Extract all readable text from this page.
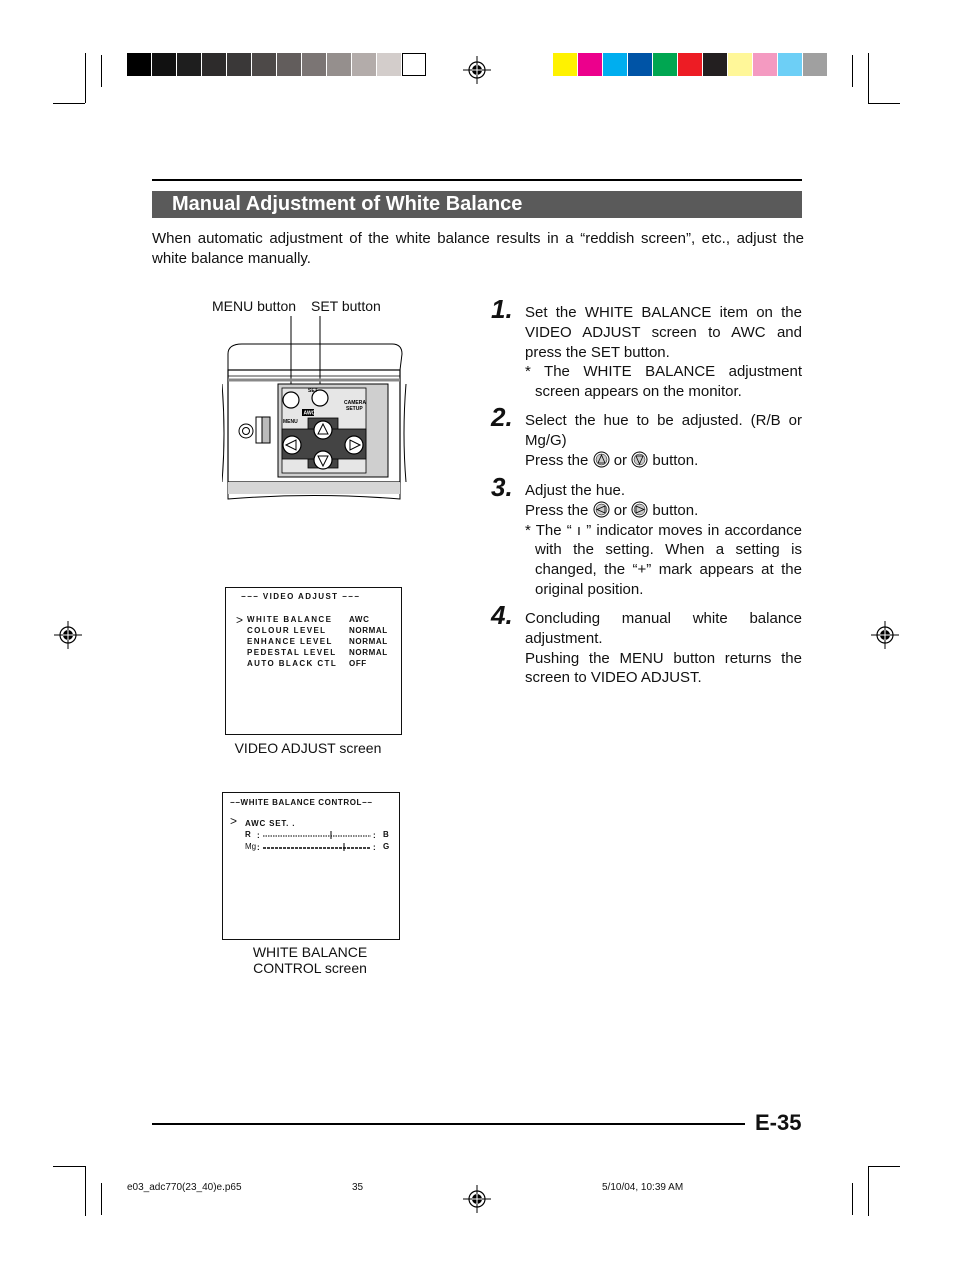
Manual Adjustment of White Balance
When automatic adjustment of the white balance results in a “reddish screen”, etc., adjust the white balance manually.
MENU button SET button
SET
AWC
MENU
CAMERA
SETUP
−−− VIDEO ADJUST −−−
> WHITE BALANCE AWC
COLOUR LEVEL	NORMAL
ENHANCE LEVEL NORMAL
PEDESTAL LEVEL NORMAL
AUTO BLACK CTL OFF
VIDEO ADJUST screen
−−WHITE BALANCE CONTROL−−
> AWC SET. .
R	B
Mg	G
:	:
:	:
WHITE BALANCE
CONTROL screen
1. Set the WHITE BALANCE item on the VIDEO ADJUST screen to AWC and press the SET button.
* The WHITE BALANCE adjustment screen appears on the monitor.
2. Select the hue to be adjusted. (R/B or Mg/G)
Press the or button.
3. Adjust the hue.
Press the or button.
* The “ ı ” indicator moves in accordance with the setting. When a setting is changed, the “+” mark appears at the original position.
4. Concluding manual white balance adjustment.
Pushing the MENU button returns the screen to VIDEO ADJUST.
E-35
e03_adc770(23_40)e.p65	35	5/10/04, 10:39 AM
